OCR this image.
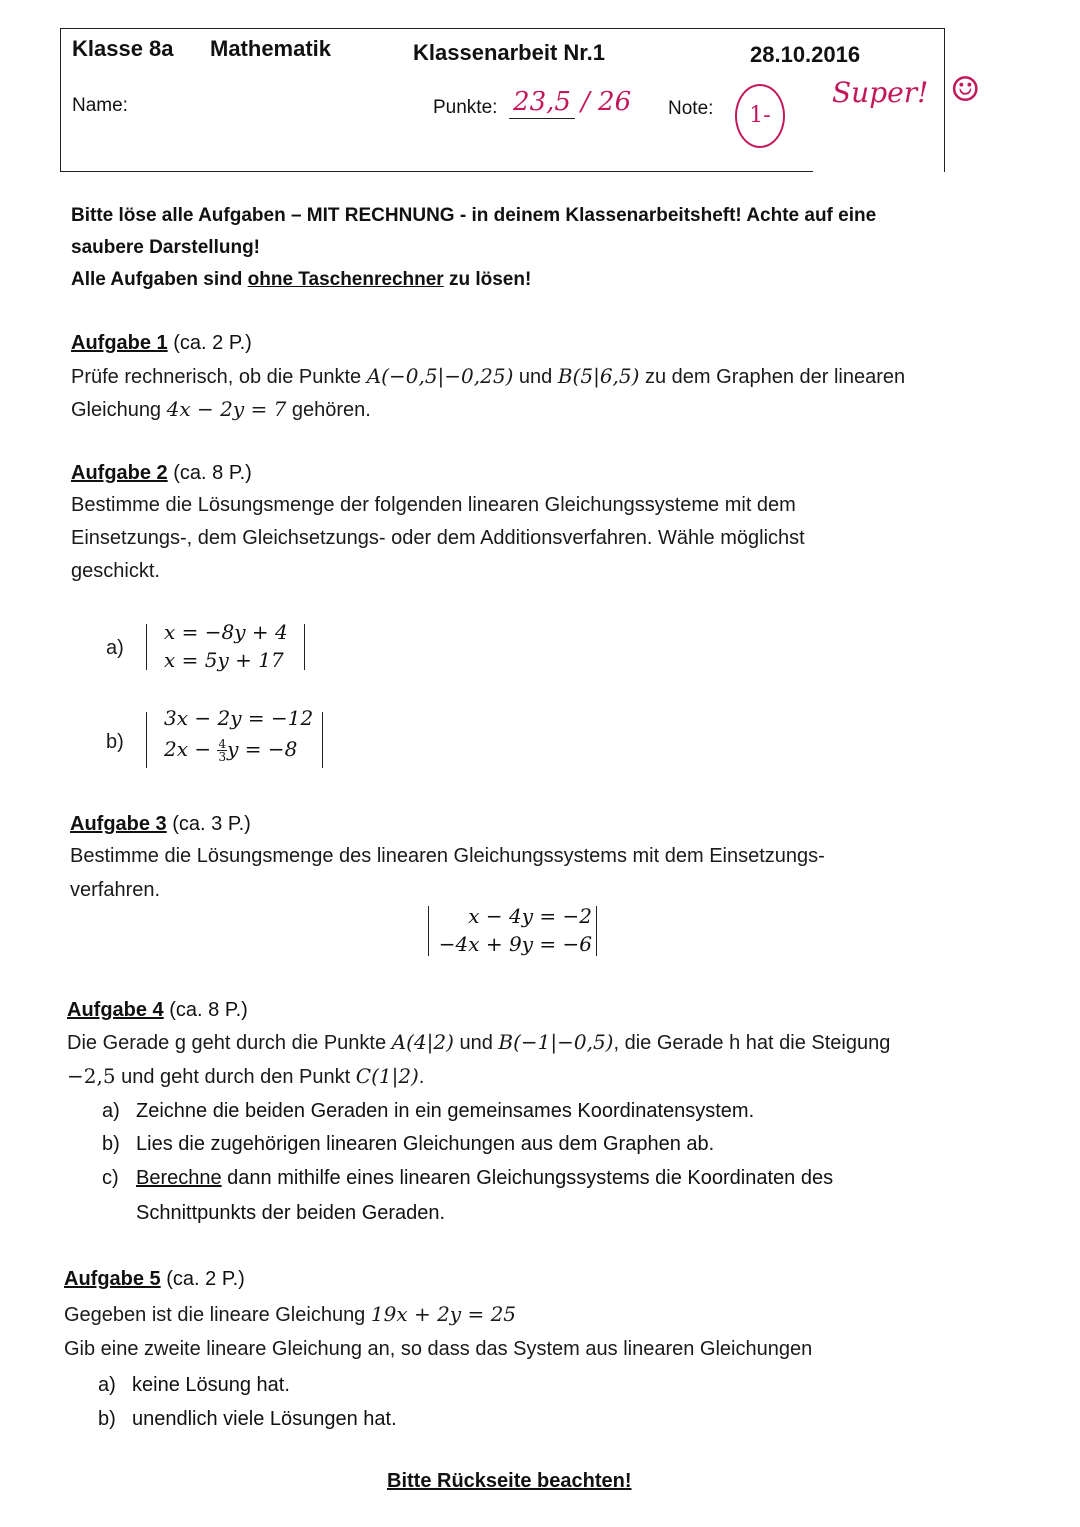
Klasse 8a Mathematik	Klassenarbeit Nr.1	28.10.2016
Name:	Punkte: 23,5 / 26 Note:	1-
Super! ☺
Bitte löse alle Aufgaben – MIT RECHNUNG - in deinem Klassenarbeitsheft! Achte auf eine
saubere Darstellung!
Alle Aufgaben sind ohne Taschenrechner zu lösen!
Aufgabe 1 (ca. 2 P.)
Prüfe rechnerisch, ob die Punkte A(−0,5|−0,25) und B(5|6,5) zu dem Graphen der linearen
Gleichung 4x − 2y = 7 gehören.
Aufgabe 2 (ca. 8 P.)
Bestimme die Lösungsmenge der folgenden linearen Gleichungssysteme mit dem
Einsetzungs-, dem Gleichsetzungs- oder dem Additionsverfahren. Wähle möglichst
geschickt.
a)
x = −8y + 4
x = 5y + 17
b)
3x − 2y = −12
$2x - \frac{4}{3}$ y = −8
Aufgabe 3 (ca. 3 P.)
Bestimme die Lösungsmenge des linearen Gleichungssystems mit dem Einsetzungs-
verfahren.
x − 4y = −2
−4x + 9y = −6
Aufgabe 4 (ca. 8 P.)
Die Gerade g geht durch die Punkte A(4|2) und B(−1|−0,5), die Gerade h hat die Steigung
−2,5 und geht durch den Punkt C(1|2).
a) Zeichne die beiden Geraden in ein gemeinsames Koordinatensystem.
b) Lies die zugehörigen linearen Gleichungen aus dem Graphen ab.
c) Berechne dann mithilfe eines linearen Gleichungssystems die Koordinaten des
Schnittpunkts der beiden Geraden.
Aufgabe 5 (ca. 2 P.)
Gegeben ist die lineare Gleichung 19x + 2y = 25
Gib eine zweite lineare Gleichung an, so dass das System aus linearen Gleichungen
a) keine Lösung hat.
b) unendlich viele Lösungen hat.
Bitte Rückseite beachten!
